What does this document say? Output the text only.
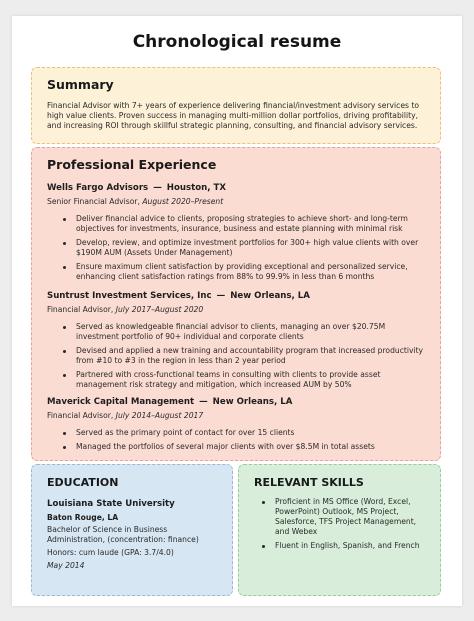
Chronological resume
Summary
Financial Advisor with 7+ years of experience delivering financial/investment advisory services to high value clients. Proven success in managing multi-million dollar portfolios, driving profitability, and increasing ROI through skillful strategic planning, consulting, and financial advisory services.
Professional Experience
Wells Fargo Advisors — Houston, TX
Senior Financial Advisor, August 2020–Present
Deliver financial advice to clients, proposing strategies to achieve short- and long-term objectives for investments, insurance, business and estate planning with minimal risk
Develop, review, and optimize investment portfolios for 300+ high value clients with over $190M AUM (Assets Under Management)
Ensure maximum client satisfaction by providing exceptional and personalized service, enhancing client satisfaction ratings from 88% to 99.9% in less than 6 months
Suntrust Investment Services, Inc — New Orleans, LA
Financial Advisor, July 2017–August 2020
Served as knowledgeable financial advisor to clients, managing an over $20.75M investment portfolio of 90+ individual and corporate clients
Devised and applied a new training and accountability program that increased productivity from #10 to #3 in the region in less than 2 year period
Partnered with cross-functional teams in consulting with clients to provide asset management risk strategy and mitigation, which increased AUM by 50%
Maverick Capital Management — New Orleans, LA
Financial Advisor, July 2014–August 2017
Served as the primary point of contact for over 15 clients
Managed the portfolios of several major clients with over $8.5M in total assets
EDUCATION
Louisiana State University
Baton Rouge, LA
Bachelor of Science in Business Administration, (concentration: finance)
Honors: cum laude (GPA: 3.7/4.0)
May 2014
RELEVANT SKILLS
Proficient in MS Office (Word, Excel, PowerPoint) Outlook, MS Project, Salesforce, TFS Project Management, and Webex
Fluent in English, Spanish, and French
